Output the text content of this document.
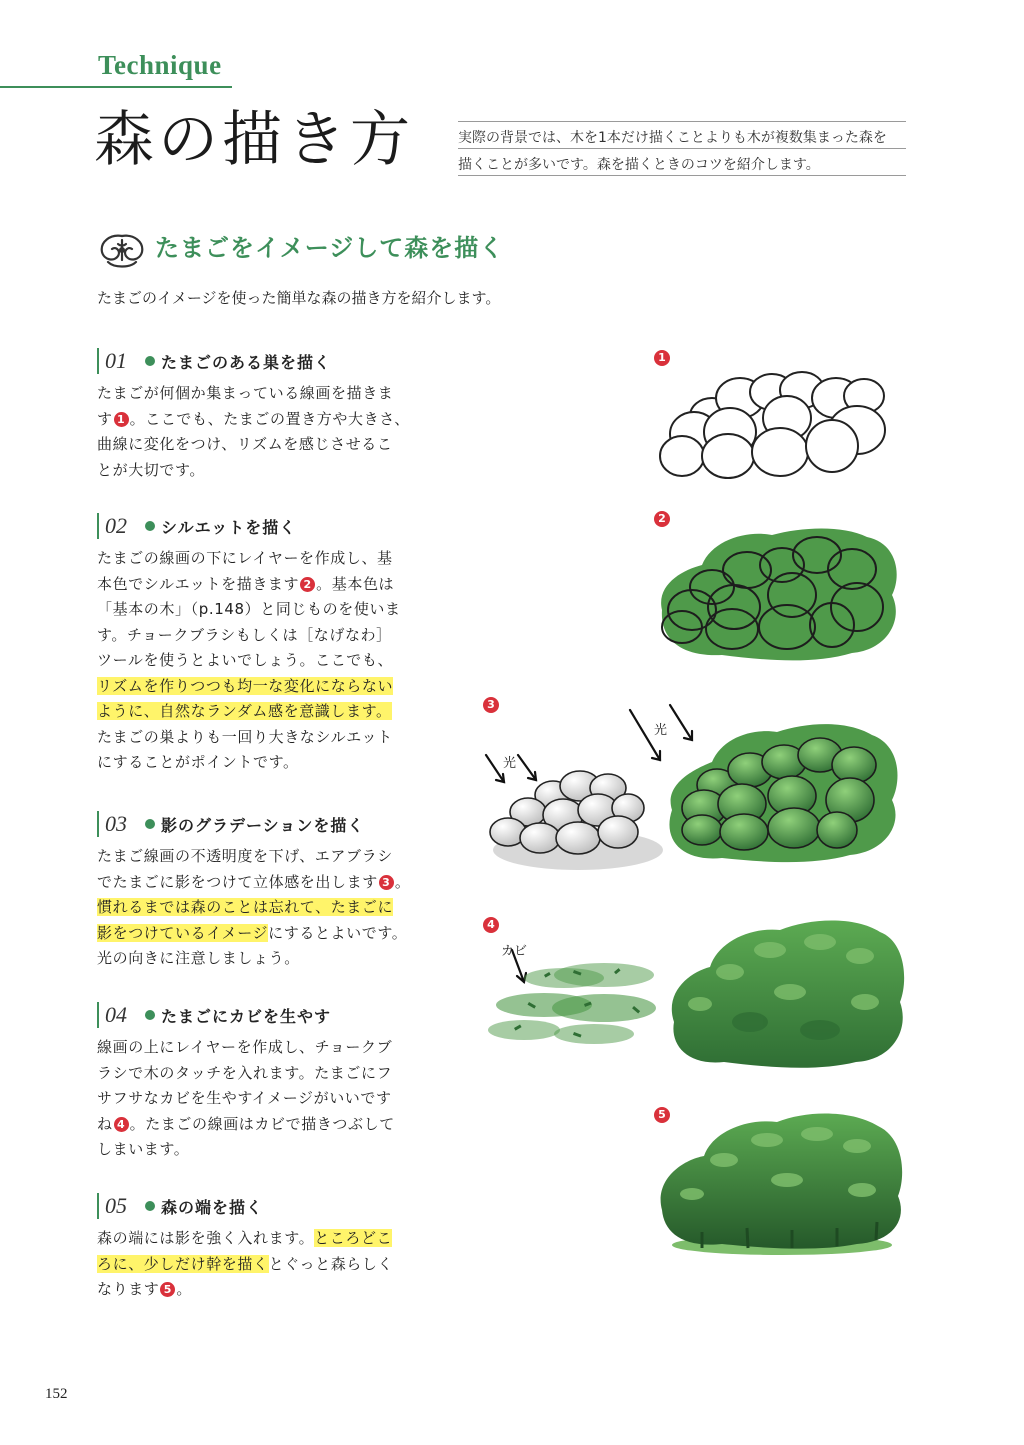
Technique
森の描き方	実際の背景では、木を1本だけ描くことよりも木が複数集まった森を
描くことが多いです。森を描くときのコツを紹介します。
たまごをイメージして森を描く
たまごのイメージを使った簡単な森の描き方を紹介します。
01	たまごのある巣を描く
たまごが何個か集まっている線画を描きま
す 1 。ここでも、たまごの置き方や大きさ、
曲線に変化をつけ、リズムを感じさせるこ
とが大切です。
02	シルエットを描く
たまごの線画の下にレイヤーを作成し、基
本色でシルエットを描きます 2 。基本色は
「基本の木」（p.148）と同じものを使いま
す。チョークブラシもしくは［なげなわ］
ツールを使うとよいでしょう。ここでも、
リズムを作りつつも均一な変化にならない
ように、自然なランダム感を意識します。
たまごの巣よりも一回り大きなシルエット
にすることがポイントです。
03	影のグラデーションを描く
たまご線画の不透明度を下げ、エアブラシ
でたまごに影をつけて立体感を出します 3 。
慣れるまでは森のことは忘れて、たまごに
影をつけているイメージにするとよいです。
光の向きに注意しましょう。
04	たまごにカビを生やす
線画の上にレイヤーを作成し、チョークブ
ラシで木のタッチを入れます。たまごにフ
サフサなカビを生やすイメージがいいです
ね 4 。たまごの線画はカビで描きつぶして
しまいます。
05	森の端を描く
森の端には影を強く入れます。ところどこ
ろに、少しだけ幹を描くとぐっと森らしく
なります 5 。
1
2
3
4
5
光
光
カビ
152
